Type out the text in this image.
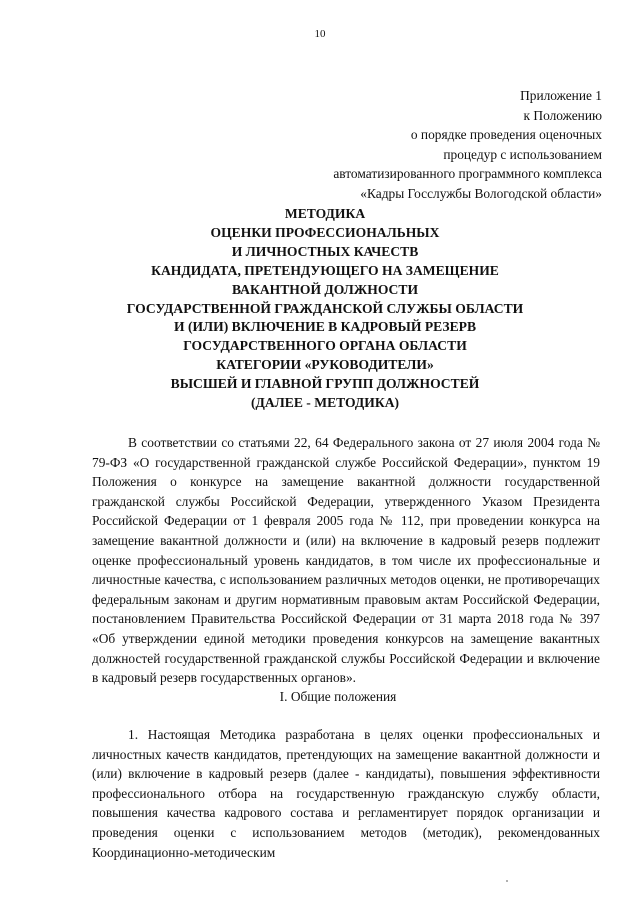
10
Приложение 1
к Положению
о порядке проведения оценочных
процедур с использованием
автоматизированного программного комплекса
«Кадры Госслужбы Вологодской области»
МЕТОДИКА
ОЦЕНКИ ПРОФЕССИОНАЛЬНЫХ
И ЛИЧНОСТНЫХ КАЧЕСТВ
КАНДИДАТА, ПРЕТЕНДУЮЩЕГО НА ЗАМЕЩЕНИЕ
ВАКАНТНОЙ ДОЛЖНОСТИ
ГОСУДАРСТВЕННОЙ ГРАЖДАНСКОЙ СЛУЖБЫ ОБЛАСТИ
И (ИЛИ) ВКЛЮЧЕНИЕ В КАДРОВЫЙ РЕЗЕРВ
ГОСУДАРСТВЕННОГО ОРГАНА ОБЛАСТИ
КАТЕГОРИИ «РУКОВОДИТЕЛИ»
ВЫСШЕЙ И ГЛАВНОЙ ГРУПП ДОЛЖНОСТЕЙ
(ДАЛЕЕ - МЕТОДИКА)

В соответствии со статьями 22, 64 Федерального закона от 27 июля 2004 года № 79-ФЗ «О государственной гражданской службе Российской Федерации», пунктом 19 Положения о конкурсе на замещение вакантной должности государственной гражданской службы Российской Федерации, утвержденного Указом Президента Российской Федерации от 1 февраля 2005 года № 112, при проведении конкурса на замещение вакантной должности и (или) на включение в кадровый резерв подлежит оценке профессиональный уровень кандидатов, в том числе их профессиональные и личностные качества, с использованием различных методов оценки, не противоречащих федеральным законам и другим нормативным правовым актам Российской Федерации, постановлением Правительства Российской Федерации от 31 марта 2018 года № 397 «Об утверждении единой методики проведения конкурсов на замещение вакантных должностей государственной гражданской службы Российской Федерации и включение в кадровый резерв государственных органов».

I. Общие положения

1. Настоящая Методика разработана в целях оценки профессиональных и личностных качеств кандидатов, претендующих на замещение вакантной должности и (или) включение в кадровый резерв (далее - кандидаты), повышения эффективности профессионального отбора на государственную гражданскую службу области, повышения качества кадрового состава и регламентирует порядок организации и проведения оценки с использованием методов (методик), рекомендованных Координационно-методическим
